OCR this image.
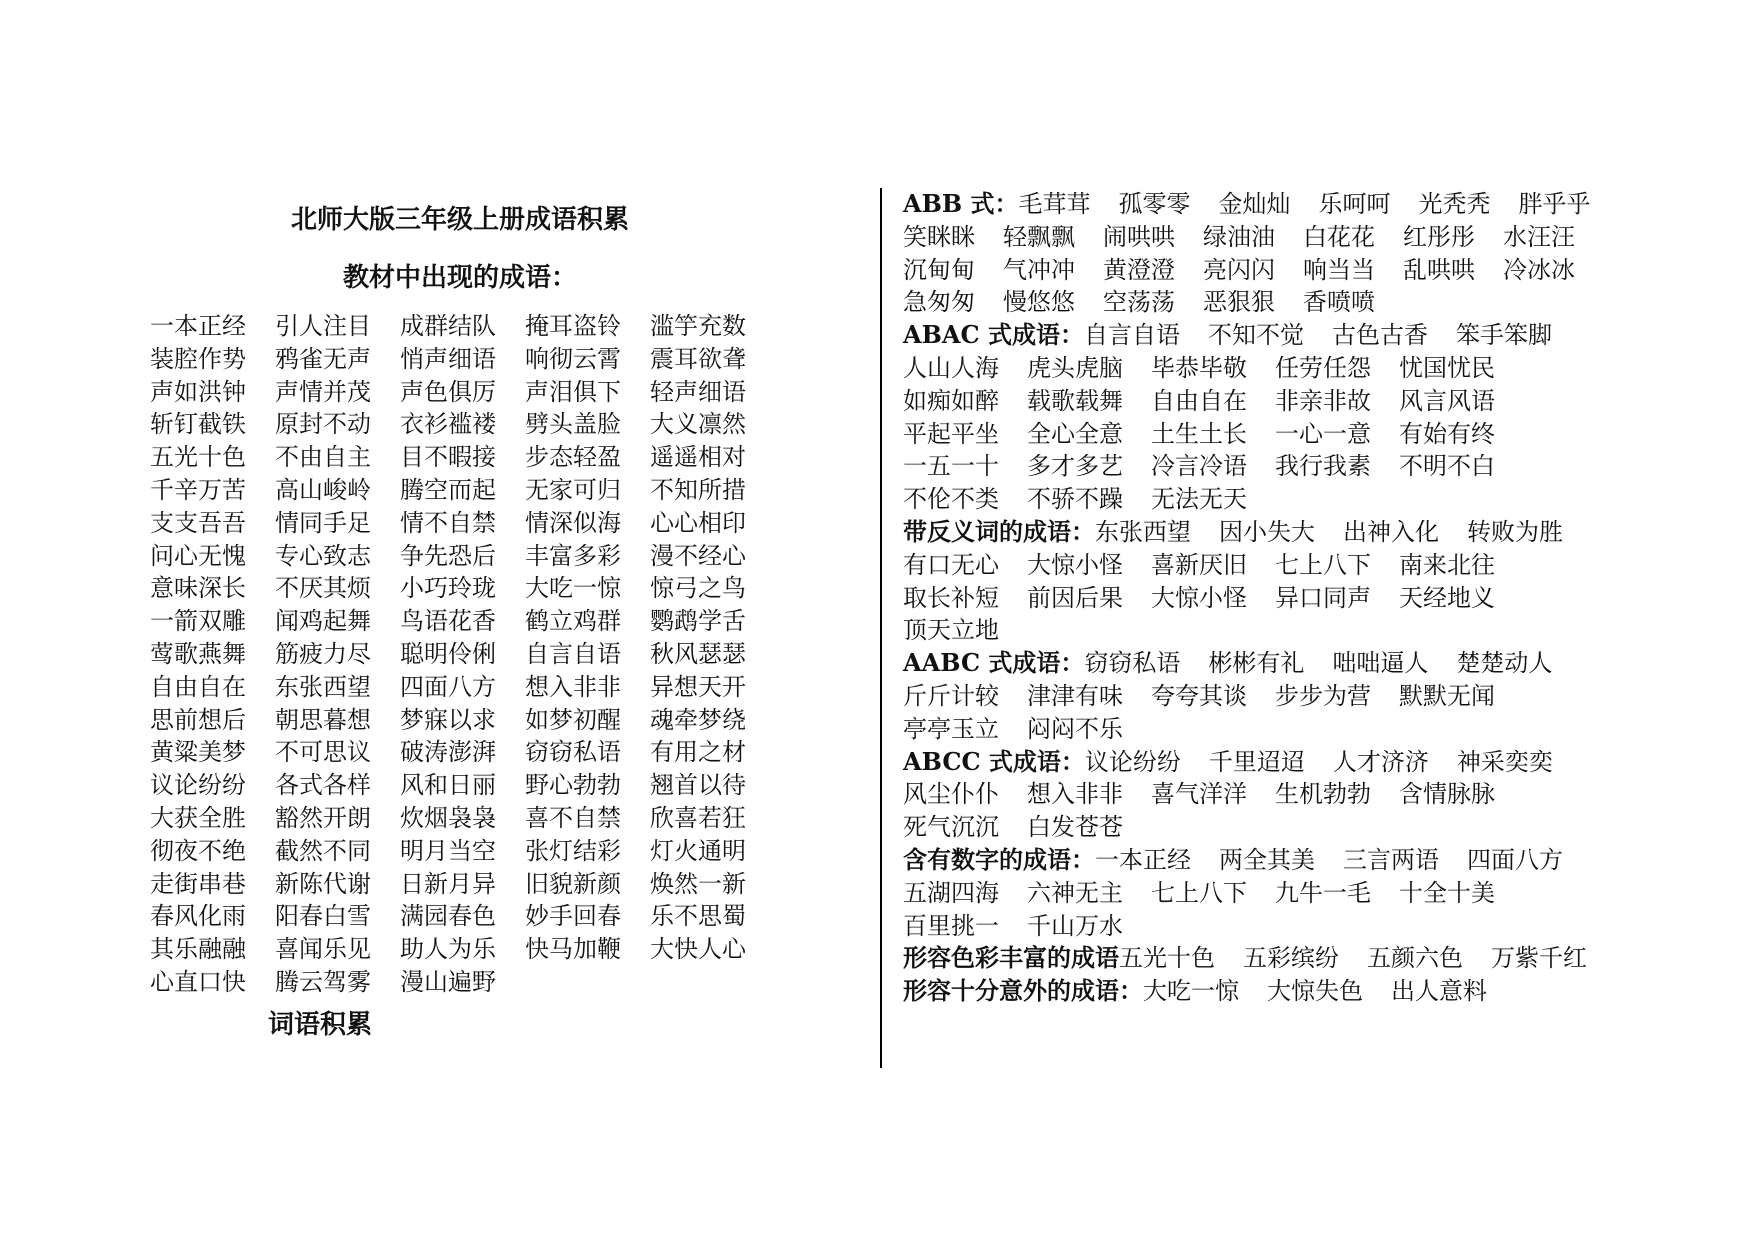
北师大版三年级上册成语积累
教材中出现的成语：
一本正经	引人注目	成群结队	掩耳盗铃	滥竽充数
装腔作势	鸦雀无声	悄声细语	响彻云霄	震耳欲聋
声如洪钟	声情并茂	声色俱厉	声泪俱下	轻声细语
斩钉截铁	原封不动	衣衫褴褛	劈头盖脸	大义凛然
五光十色	不由自主	目不暇接	步态轻盈	遥遥相对
千辛万苦	高山峻岭	腾空而起	无家可归	不知所措
支支吾吾	情同手足	情不自禁	情深似海	心心相印
问心无愧	专心致志	争先恐后	丰富多彩	漫不经心
意味深长	不厌其烦	小巧玲珑	大吃一惊	惊弓之鸟
一箭双雕	闻鸡起舞	鸟语花香	鹤立鸡群	鹦鹉学舌
莺歌燕舞	筋疲力尽	聪明伶俐	自言自语	秋风瑟瑟
自由自在	东张西望	四面八方	想入非非	异想天开
思前想后	朝思暮想	梦寐以求	如梦初醒	魂牵梦绕
黄粱美梦	不可思议	破涛澎湃	窃窃私语	有用之材
议论纷纷	各式各样	风和日丽	野心勃勃	翘首以待
大获全胜	豁然开朗	炊烟袅袅	喜不自禁	欣喜若狂
彻夜不绝	截然不同	明月当空	张灯结彩	灯火通明
走街串巷	新陈代谢	日新月异	旧貌新颜	焕然一新
春风化雨	阳春白雪	满园春色	妙手回春	乐不思蜀
其乐融融	喜闻乐见	助人为乐	快马加鞭	大快人心
心直口快	腾云驾雾	漫山遍野
词语积累
ABB 式：毛茸茸 孤零零 金灿灿 乐呵呵 光秃秃 胖乎乎
笑眯眯 轻飘飘 闹哄哄 绿油油 白花花 红彤彤 水汪汪
沉甸甸 气冲冲 黄澄澄 亮闪闪 响当当 乱哄哄 冷冰冰
急匆匆 慢悠悠 空荡荡 恶狠狠 香喷喷
ABAC 式成语：自言自语 不知不觉 古色古香 笨手笨脚
人山人海 虎头虎脑 毕恭毕敬 任劳任怨 忧国忧民
如痴如醉 载歌载舞 自由自在 非亲非故 风言风语
平起平坐 全心全意 土生土长 一心一意 有始有终
一五一十 多才多艺 冷言冷语 我行我素 不明不白
不伦不类 不骄不躁 无法无天
带反义词的成语：东张西望 因小失大 出神入化 转败为胜
有口无心 大惊小怪 喜新厌旧 七上八下 南来北往
取长补短 前因后果 大惊小怪 异口同声 天经地义
顶天立地
AABC 式成语：窃窃私语 彬彬有礼 咄咄逼人 楚楚动人
斤斤计较 津津有味 夸夸其谈 步步为营 默默无闻
亭亭玉立 闷闷不乐
ABCC 式成语：议论纷纷 千里迢迢 人才济济 神采奕奕
风尘仆仆 想入非非 喜气洋洋 生机勃勃 含情脉脉
死气沉沉 白发苍苍
含有数字的成语：一本正经 两全其美 三言两语 四面八方
五湖四海 六神无主 七上八下 九牛一毛 十全十美
百里挑一 千山万水
形容色彩丰富的成语五光十色 五彩缤纷 五颜六色 万紫千红
形容十分意外的成语：大吃一惊 大惊失色 出人意料
